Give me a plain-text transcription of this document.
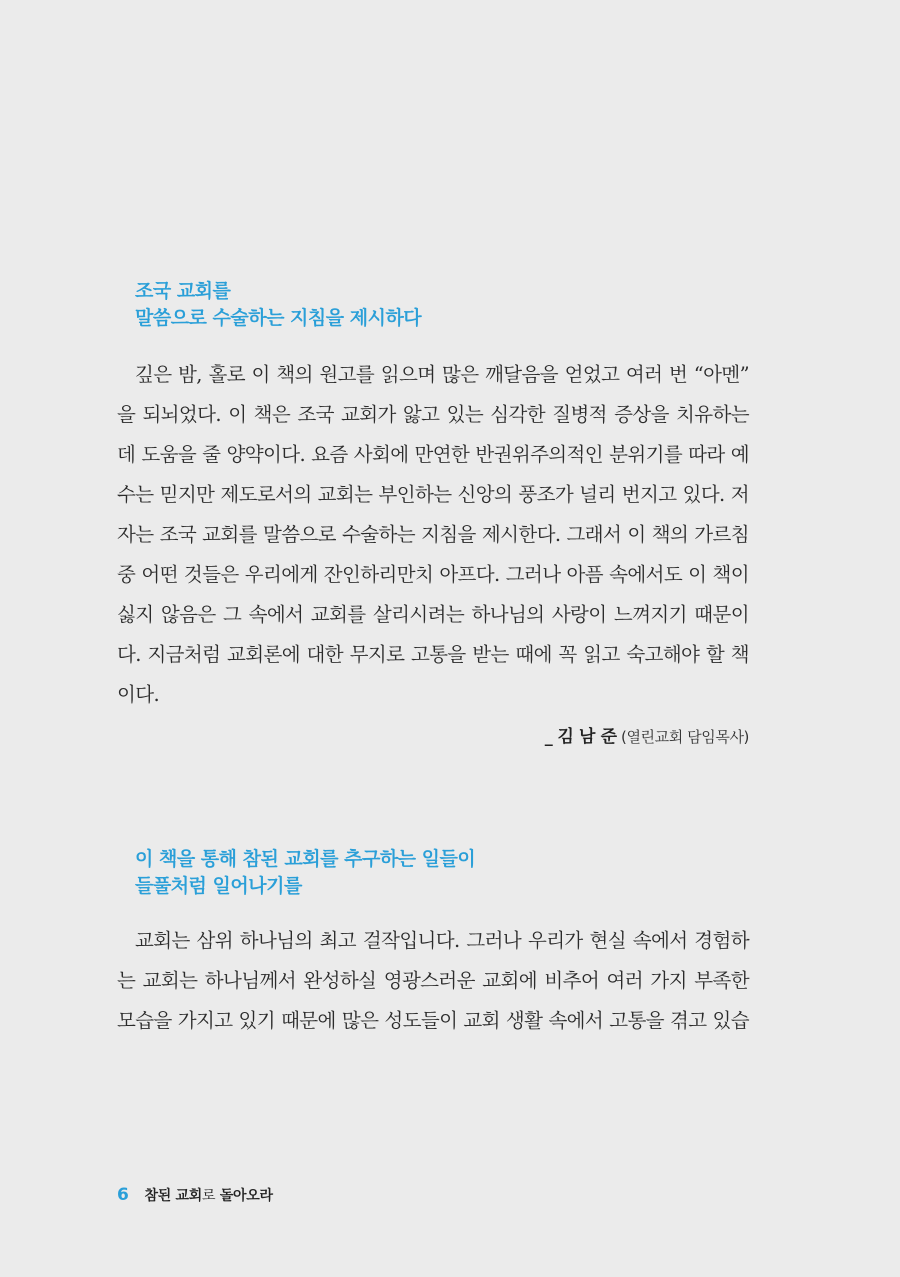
조국 교회를
말씀으로 수술하는 지침을 제시하다
깊은 밤, 홀로 이 책의 원고를 읽으며 많은 깨달음을 얻었고 여러 번 “아멘”
을 되뇌었다. 이 책은 조국 교회가 앓고 있는 심각한 질병적 증상을 치유하는
데 도움을 줄 양약이다. 요즘 사회에 만연한 반권위주의적인 분위기를 따라 예
수는 믿지만 제도로서의 교회는 부인하는 신앙의 풍조가 널리 번지고 있다. 저
자는 조국 교회를 말씀으로 수술하는 지침을 제시한다. 그래서 이 책의 가르침
중 어떤 것들은 우리에게 잔인하리만치 아프다. 그러나 아픔 속에서도 이 책이
싫지 않음은 그 속에서 교회를 살리시려는 하나님의 사랑이 느껴지기 때문이
다. 지금처럼 교회론에 대한 무지로 고통을 받는 때에 꼭 읽고 숙고해야 할 책
이다.
_ 김 남 준 (열린교회 담임목사)
이 책을 통해 참된 교회를 추구하는 일들이
들풀처럼 일어나기를
교회는 삼위 하나님의 최고 걸작입니다. 그러나 우리가 현실 속에서 경험하
는 교회는 하나님께서 완성하실 영광스러운 교회에 비추어 여러 가지 부족한
모습을 가지고 있기 때문에 많은 성도들이 교회 생활 속에서 고통을 겪고 있습
6 참된 교회로 돌아오라
